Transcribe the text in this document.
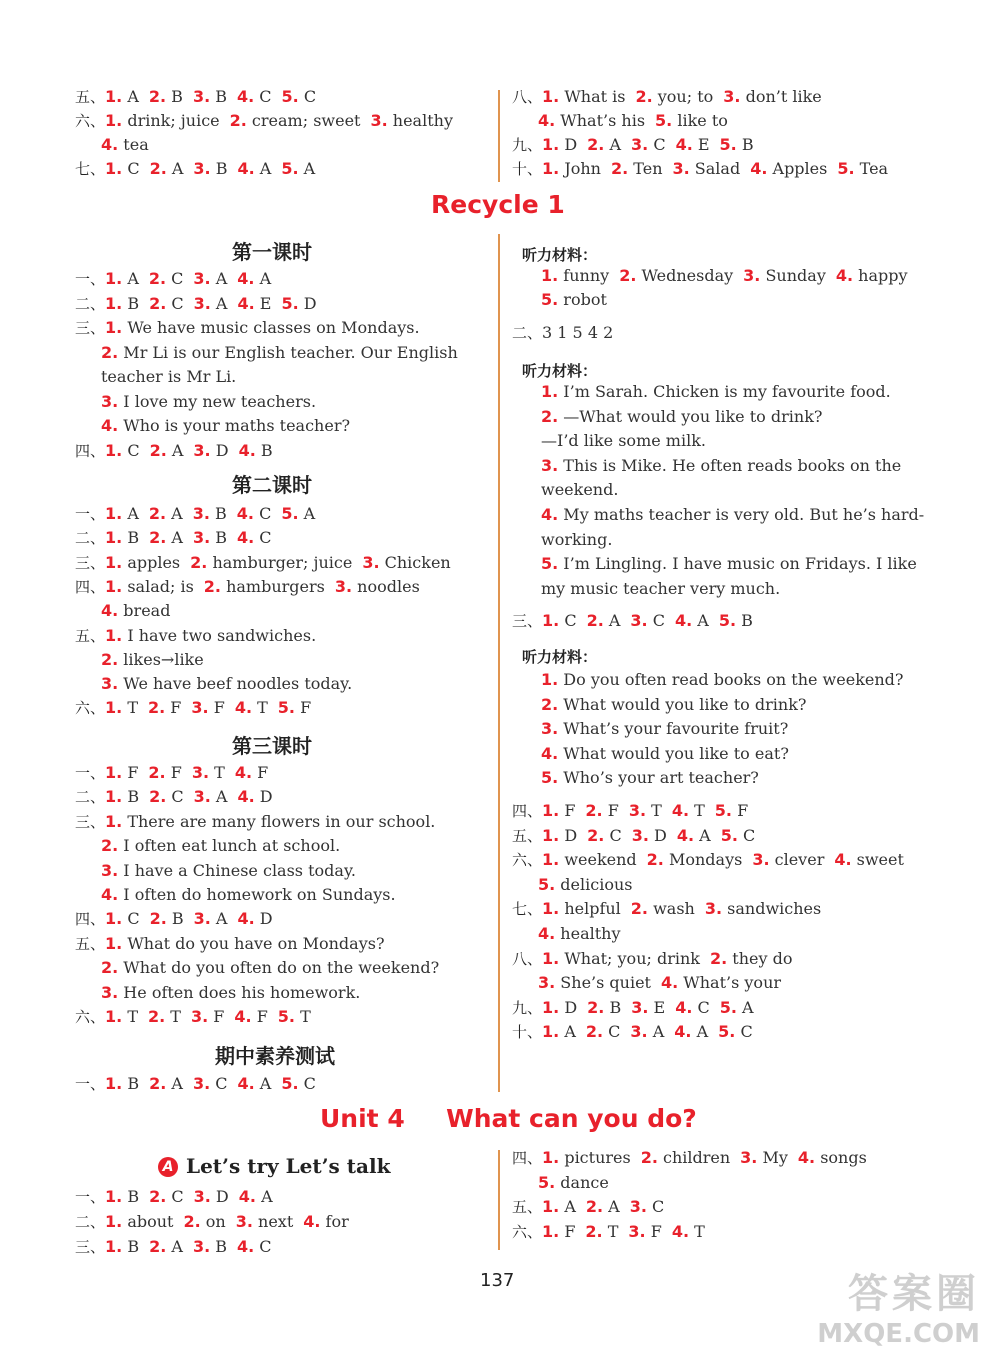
五、1. A 2. B 3. B 4. C 5. C
六、1. drink; juice 2. cream; sweet 3. healthy
4. tea
七、1. C 2. A 3. B 4. A 5. A
八、1. What is 2. you; to 3. don’t like
4. What’s his 5. like to
九、1. D 2. A 3. C 4. E 5. B
十、1. John 2. Ten 3. Salad 4. Apples 5. Tea
一、1. A 2. C 3. A 4. A
二、1. B 2. C 3. A 4. E 5. D
三、1. We have music classes on Mondays.
2. Mr Li is our English teacher. Our English
teacher is Mr Li.
3. I love my new teachers.
4. Who is your maths teacher?
四、1. C 2. A 3. D 4. B
一、1. A 2. A 3. B 4. C 5. A
二、1. B 2. A 3. B 4. C
三、1. apples 2. hamburger; juice 3. Chicken
四、1. salad; is 2. hamburgers 3. noodles
4. bread
五、1. I have two sandwiches.
2. likes→like
3. We have beef noodles today.
六、1. T 2. F 3. F 4. T 5. F
一、1. F 2. F 3. T 4. F
二、1. B 2. C 3. A 4. D
三、1. There are many flowers in our school.
2. I often eat lunch at school.
3. I have a Chinese class today.
4. I often do homework on Sundays.
四、1. C 2. B 3. A 4. D
五、1. What do you have on Mondays?
2. What do you often do on the weekend?
3. He often does his homework.
六、1. T 2. T 3. F 4. F 5. T
一、1. B 2. A 3. C 4. A 5. C
1. funny 2. Wednesday 3. Sunday 4. happy
5. robot
二、3 1 5 4 2
1. I’m Sarah. Chicken is my favourite food.
2. —What would you like to drink?
—I’d like some milk.
3. This is Mike. He often reads books on the
weekend.
4. My maths teacher is very old. But he’s hard-
working.
5. I’m Lingling. I have music on Fridays. I like
my music teacher very much.
三、1. C 2. A 3. C 4. A 5. B
1. Do you often read books on the weekend?
2. What would you like to drink?
3. What’s your favourite fruit?
4. What would you like to eat?
5. Who’s your art teacher?
四、1. F 2. F 3. T 4. T 5. F
五、1. D 2. C 3. D 4. A 5. C
六、1. weekend 2. Mondays 3. clever 4. sweet
5. delicious
七、1. helpful 2. wash 3. sandwiches
4. healthy
八、1. What; you; drink 2. they do
3. She’s quiet 4. What’s your
九、1. D 2. B 3. E 4. C 5. A
十、1. A 2. C 3. A 4. A 5. C
一、1. B 2. C 3. D 4. A
二、1. about 2. on 3. next 4. for
三、1. B 2. A 3. B 4. C
四、1. pictures 2. children 3. My 4. songs
5. dance
五、1. A 2. A 3. C
六、1. F 2. T 3. F 4. T
Recycle 1
第一课时
第二课时
第三课时
期中素养测试
听力材料：
听力材料：
听力材料：
Unit 4 What can you do?
A Let’s try Let’s talk
137	答案圈
MXQE.COM
